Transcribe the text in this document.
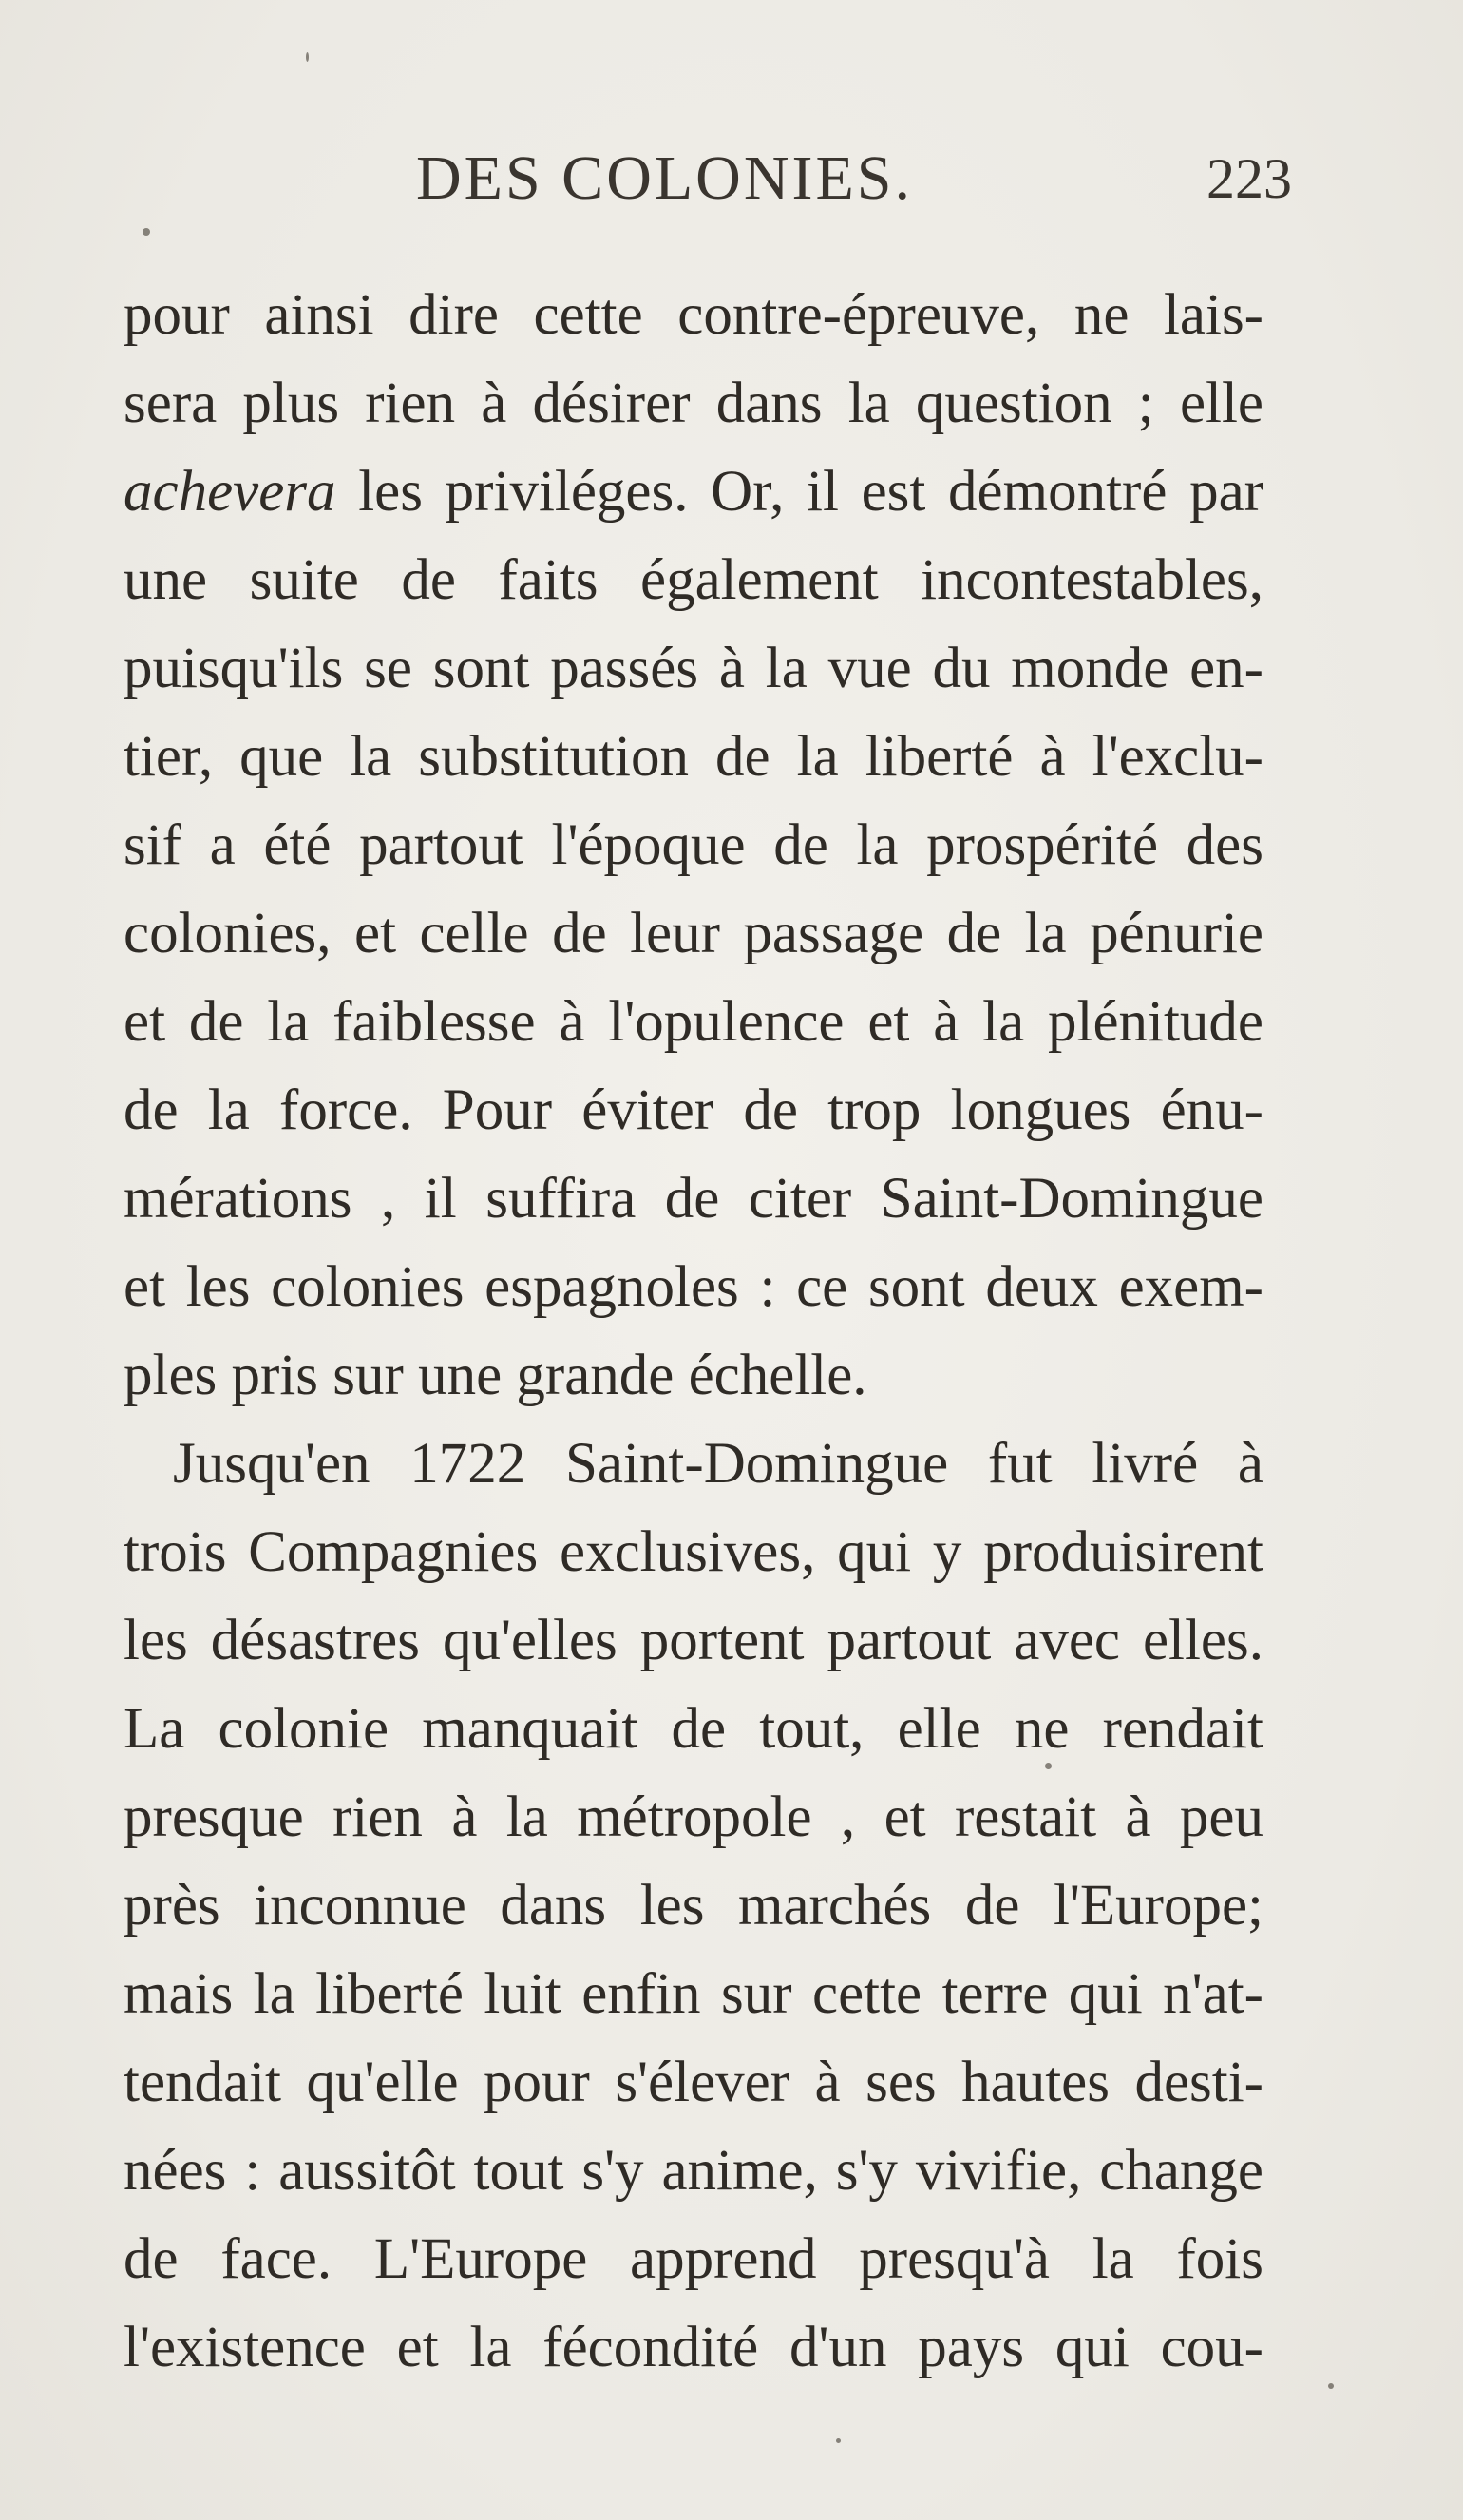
DES COLONIES.	223
pour ainsi dire cette contre-épreuve, ne lais-
sera plus rien à désirer dans la question ; elle
achevera les priviléges. Or, il est démontré par
une suite de faits également incontestables,
puisqu'ils se sont passés à la vue du monde en-
tier, que la substitution de la liberté à l'exclu-
sif a été partout l'époque de la prospérité des
colonies, et celle de leur passage de la pénurie
et de la faiblesse à l'opulence et à la plénitude
de la force. Pour éviter de trop longues énu-
mérations , il suffira de citer Saint-Domingue
et les colonies espagnoles : ce sont deux exem-
ples pris sur une grande échelle.
Jusqu'en 1722 Saint-Domingue fut livré à
trois Compagnies exclusives, qui y produisirent
les désastres qu'elles portent partout avec elles.
La colonie manquait de tout, elle ne rendait
presque rien à la métropole , et restait à peu
près inconnue dans les marchés de l'Europe;
mais la liberté luit enfin sur cette terre qui n'at-
tendait qu'elle pour s'élever à ses hautes desti-
nées : aussitôt tout s'y anime, s'y vivifie, change
de face. L'Europe apprend presqu'à la fois
l'existence et la fécondité d'un pays qui cou-
